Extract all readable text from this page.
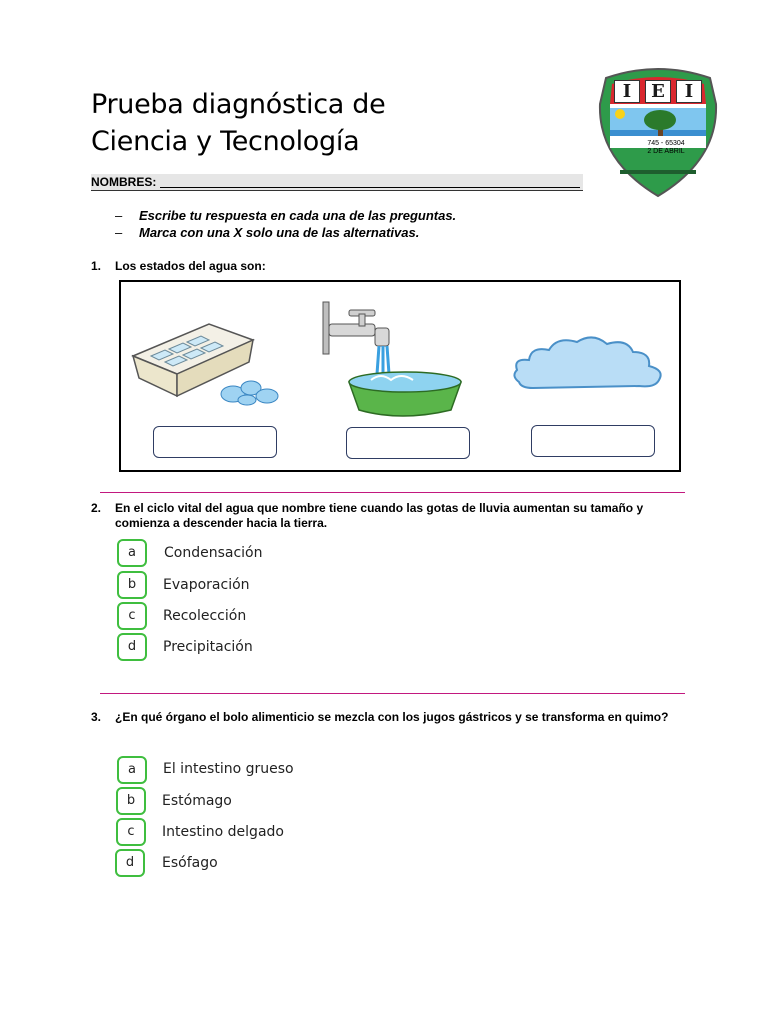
Prueba diagnóstica de
Ciencia y Tecnología
I	E	I
745 - 65304
2 DE ABRIL
NOMBRES:
– Escribe tu respuesta en cada una de las preguntas.
– Marca con una X solo una de las alternativas.
1. Los estados del agua son:
2. En el ciclo vital del agua que nombre tiene cuando las gotas de lluvia aumentan su tamaño y comienza a descender hacia la tierra.
a	Condensación
b	Evaporación
c	Recolección
d	Precipitación
3. ¿En qué órgano el bolo alimenticio se mezcla con los jugos gástricos y se transforma en quimo?
a	El intestino grueso
b	Estómago
c	Intestino delgado
d	Esófago
